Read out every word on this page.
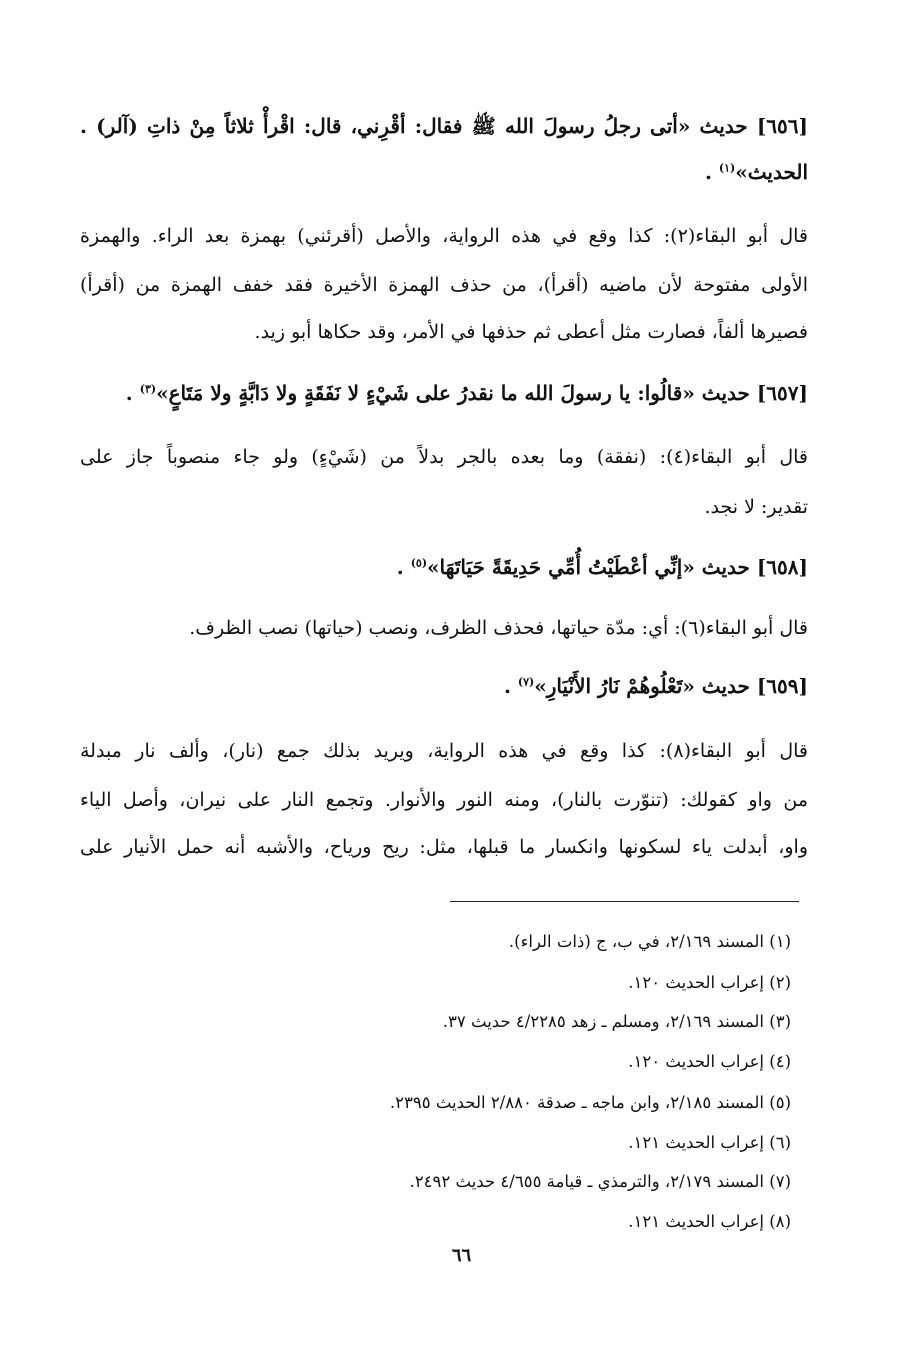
[٦٥٦] حديث «أتى رجلُ رسولَ الله ﷺ فقال: أقْرِني، قال: اقْرأْ ثلاثاً مِنْ ذاتِ (آلر) .
الحديث»$^{(١)}$ .
قال أبو البقاء(٢): كذا وقع في هذه الرواية، والأصل (أقرئني) بهمزة بعد الراء. والهمزة
الأولى مفتوحة لأن ماضيه (أقرأ)، من حذف الهمزة الأخيرة فقد خفف الهمزة من (أقرأ)
فصيرها ألفاً، فصارت مثل أعطى ثم حذفها في الأمر، وقد حكاها أبو زيد.
[٦٥٧] حديث «قالُوا: يا رسولَ الله ما نقدرُ على شَيْءٍ لا نَفَقَةٍ ولا دَابَّةٍ ولا مَتَاعٍ»$^{(٣)}$ .
قال أبو البقاء(٤): (نفقة) وما بعده بالجر بدلاً من (شَيْءٍ) ولو جاء منصوباً جاز على
تقدير: لا نجد.
[٦٥٨] حديث «إنِّي أعْطَيْتُ أُمِّي حَدِيقَةً حَيَاتَهَا»$^{(٥)}$ .
قال أبو البقاء(٦): أي: مدّة حياتها، فحذف الظرف، ونصب (حياتها) نصب الظرف.
[٦٥٩] حديث «تَعْلُوهُمْ نَارُ الأَنْيَارِ»$^{(٧)}$ .
قال أبو البقاء(٨): كذا وقع في هذه الرواية، ويريد بذلك جمع (نار)، وألف نار مبدلة
من واو كقولك: (تنوّرت بالنار)، ومنه النور والأنوار. وتجمع النار على نيران، وأصل الياء
واو، أبدلت ياء لسكونها وانكسار ما قبلها، مثل: ريح ورياح، والأشبه أنه حمل الأنيار على
(١) المسند ٢/١٦٩، في ب، ج (ذات الراء).
(٢) إعراب الحديث ١٢٠.
(٣) المسند ٢/١٦٩، ومسلم ـ زهد ٤/٢٢٨٥ حديث ٣٧.
(٤) إعراب الحديث ١٢٠.
(٥) المسند ٢/١٨٥، وابن ماجه ـ صدقة ٢/٨٨٠ الحديث ٢٣٩٥.
(٦) إعراب الحديث ١٢١.
(٧) المسند ٢/١٧٩، والترمذي ـ قيامة ٤/٦٥٥ حديث ٢٤٩٢.
(٨) إعراب الحديث ١٢١.
٦٦
